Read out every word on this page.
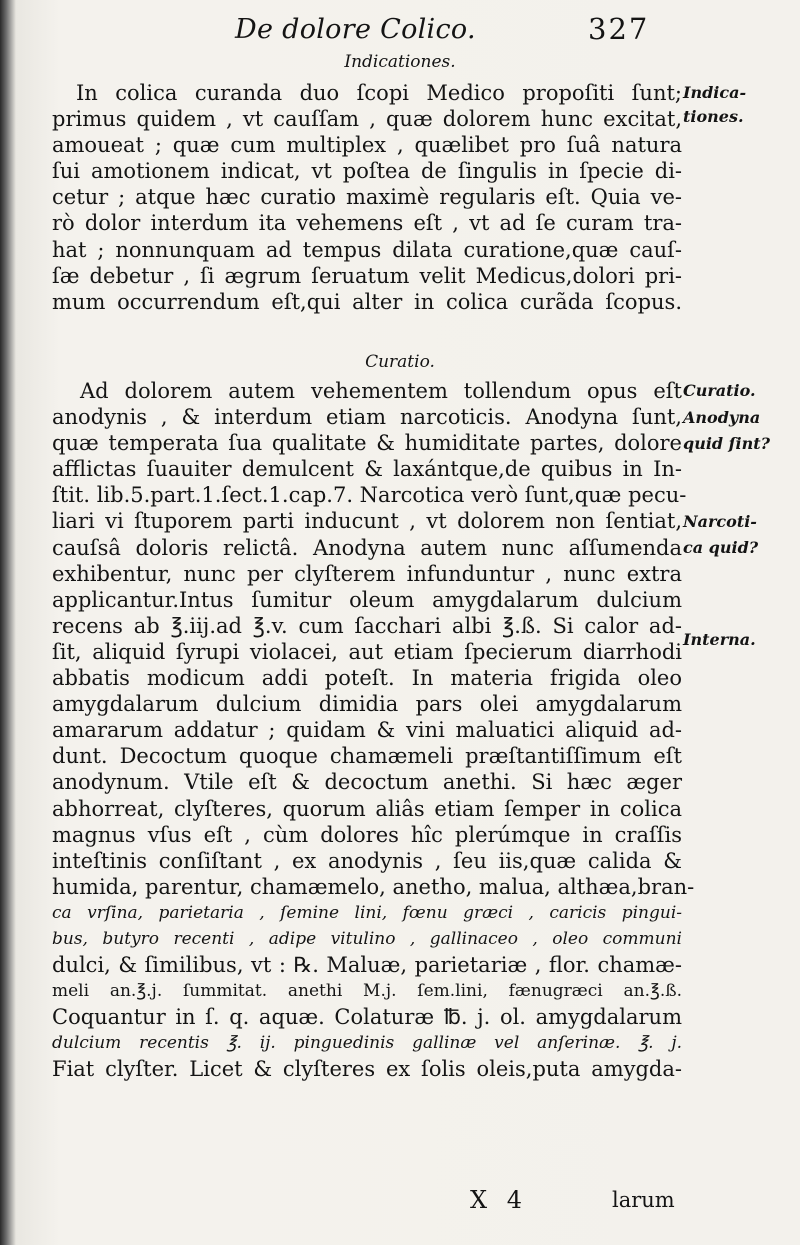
De dolore Colico.	327
Indicationes.
In colica curanda duo ſcopi Medico propoſiti ſunt;
primus quidem , vt cauſſam , quæ dolorem hunc excitat,
amoueat ; quæ cum multiplex , quælibet pro ſuâ natura
ſui amotionem indicat, vt poſtea de ſingulis in ſpecie di-
cetur ; atque hæc curatio maximè regularis eſt. Quia ve-
rò dolor interdum ita vehemens eſt , vt ad ſe curam tra-
hat ; nonnunquam ad tempus dilata curatione,quæ cauſ-
ſæ debetur , ſi ægrum ſeruatum velit Medicus,dolori pri-
mum occurrendum eſt,qui alter in colica curãda ſcopus.
Curatio.
Ad dolorem autem vehementem tollendum opus eſt
anodynis , & interdum etiam narcoticis. Anodyna ſunt,
quæ temperata ſua qualitate & humiditate partes, dolore
afflictas ſuauiter demulcent & laxántque,de quibus in In-
ſtit. lib.5.part.1.ſect.1.cap.7. Narcotica verò ſunt,quæ pecu-
liari vi ſtuporem parti inducunt , vt dolorem non ſentiat,
cauſsâ doloris relictâ. Anodyna autem nunc aſſumenda
exhibentur, nunc per clyſterem infunduntur , nunc extra
applicantur.Intus ſumitur oleum amygdalarum dulcium
recens ab ℥.iij.ad ℥.v. cum ſacchari albi ℥.ß. Si calor ad-
ſit, aliquid ſyrupi violacei, aut etiam ſpecierum diarrhodi
abbatis modicum addi poteſt. In materia frigida oleo
amygdalarum dulcium dimidia pars olei amygdalarum
amararum addatur ; quidam & vini maluatici aliquid ad-
dunt. Decoctum quoque chamæmeli præſtantiſſimum eſt
anodynum. Vtile eſt & decoctum anethi. Si hæc æger
abhorreat, clyſteres, quorum aliâs etiam ſemper in colica
magnus vſus eſt , cùm dolores hîc plerúmque in craſſis
inteſtinis conſiſtant , ex anodynis , ſeu iis,quæ calida &
humida, parentur, chamæmelo, anetho, malua, althæa,bran-
ca vrſina, parietaria , ſemine lini, fœnu græci , caricis pingui-
bus, butyro recenti , adipe vitulino , gallinaceo , oleo communi
dulci, & ſimilibus, vt : ℞. Maluæ, parietariæ , flor. chamæ-
meli an.℥.j. ſummitat. anethi M.j. ſem.lini, fænugræci an.℥.ß.
Coquantur in ſ. q. aquæ. Colaturæ ℔. j. ol. amygdalarum
dulcium recentis ℥. ij. pinguedinis gallinæ vel anſerinæ. ℥. j.
Fiat clyſter. Licet & clyſteres ex ſolis oleis,puta amygda-
Indica-
tiones.
Curatio.
Anodyna
quid ſint?
Narcoti-
ca quid?
Interna.
X 4	larum
